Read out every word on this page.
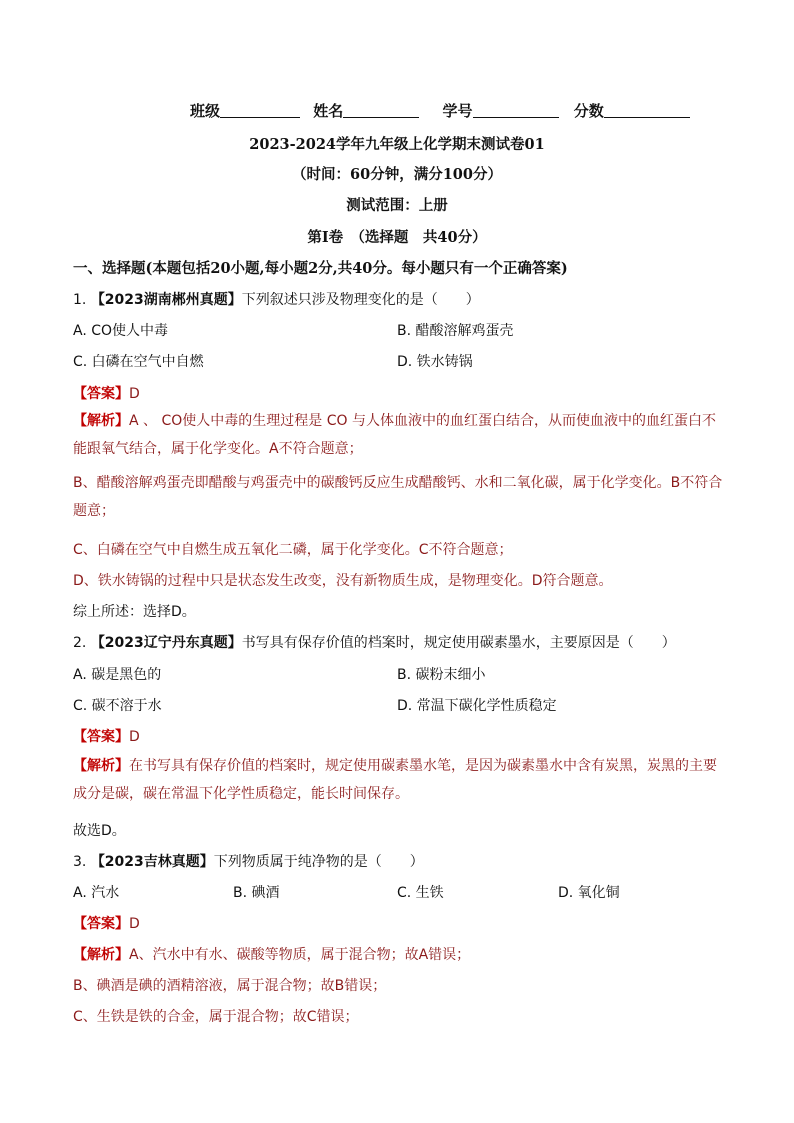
班级	姓名	学号	分数
2023-2024学年九年级上化学期末测试卷01
（时间：60分钟，满分100分）
测试范围：上册
第Ⅰ卷　（选择题　共40分）
一、选择题(本题包括20小题,每小题2分,共40分。每小题只有一个正确答案)
1. 【2023湖南郴州真题】下列叙述只涉及物理变化的是（　　）
A. CO使人中毒	B. 醋酸溶解鸡蛋壳
C. 白磷在空气中自燃	D. 铁水铸锅
【答案】D
【解析】A 、 CO使人中毒的生理过程是 CO 与人体血液中的血红蛋白结合，从而使血液中的血红蛋白不能跟氧气结合，属于化学变化。A不符合题意；
B、醋酸溶解鸡蛋壳即醋酸与鸡蛋壳中的碳酸钙反应生成醋酸钙、水和二氧化碳，属于化学变化。B不符合题意；
C、白磷在空气中自燃生成五氧化二磷，属于化学变化。C不符合题意；
D、铁水铸锅的过程中只是状态发生改变，没有新物质生成，是物理变化。D符合题意。
综上所述：选择D。
2. 【2023辽宁丹东真题】书写具有保存价值的档案时，规定使用碳素墨水，主要原因是（　　）
A. 碳是黑色的	B. 碳粉末细小
C. 碳不溶于水	D. 常温下碳化学性质稳定
【答案】D
【解析】在书写具有保存价值的档案时，规定使用碳素墨水笔，是因为碳素墨水中含有炭黑，炭黑的主要成分是碳，碳在常温下化学性质稳定，能长时间保存。
故选D。
3. 【2023吉林真题】下列物质属于纯净物的是（　　）
A. 汽水	B. 碘酒	C. 生铁	D. 氧化铜
【答案】D
【解析】A、汽水中有水、碳酸等物质，属于混合物；故A错误；
B、碘酒是碘的酒精溶液，属于混合物；故B错误；
C、生铁是铁的合金，属于混合物；故C错误；
